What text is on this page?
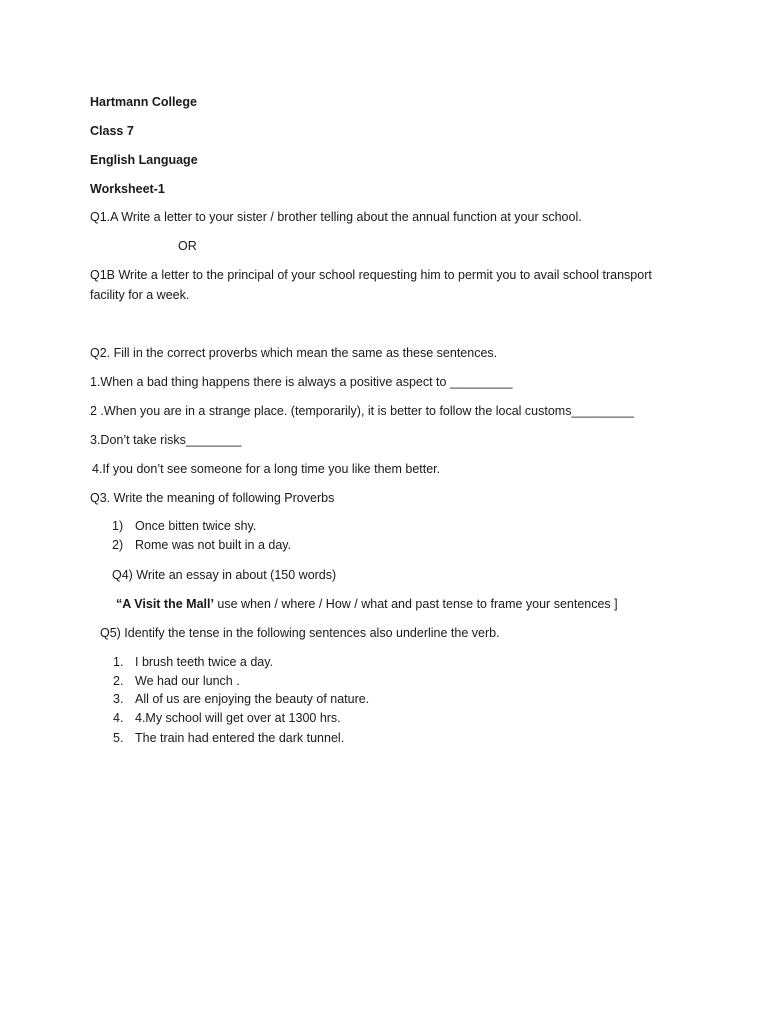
Hartmann College
Class 7
English Language
Worksheet-1
Q1.A Write a letter to your sister / brother telling about the annual function at your school.
OR
Q1B Write a letter to the principal of your school requesting him to permit you to avail school transport
facility for a week.
Q2. Fill in the correct proverbs which mean the same as these sentences.
1.When a bad thing happens there is always a positive aspect to _________
2 .When you are in a strange place. (temporarily), it is better to follow the local customs_________
3.Don’t take risks________
4.If you don’t see someone for a long time you like them better.
Q3. Write the meaning of following Proverbs
1) Once bitten twice shy.
2) Rome was not built in a day.
Q4) Write an essay in about (150 words)
“A Visit the Mall’ use when / where / How / what and past tense to frame your sentences ]
Q5) Identify the tense in the following sentences also underline the verb.
1. I brush teeth twice a day.
2. We had our lunch .
3. All of us are enjoying the beauty of nature.
4. 4.My school will get over at 1300 hrs.
5. The train had entered the dark tunnel.
